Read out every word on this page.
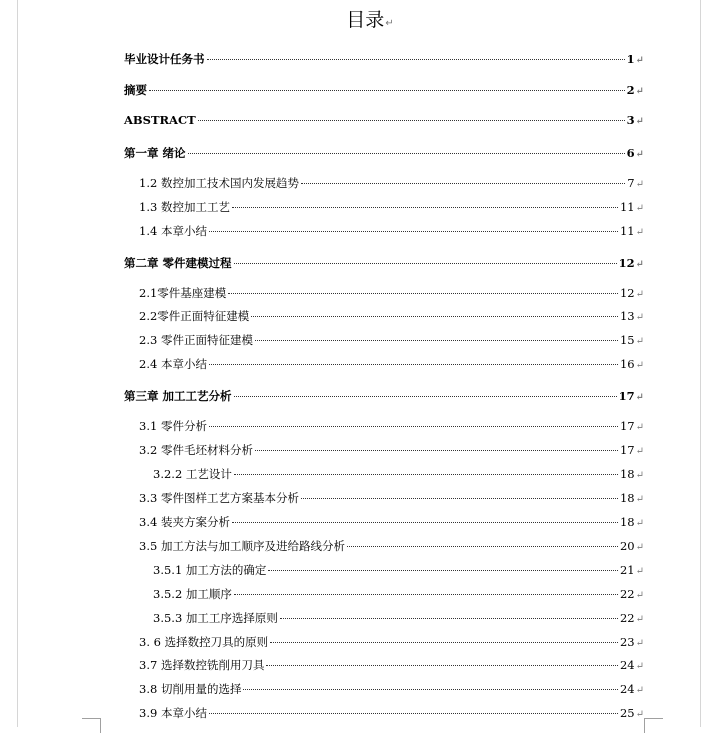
目录↵
毕业设计任务书	1 ↵
摘要	2 ↵
ABSTRACT	3 ↵
第一章 绪论	6 ↵
1.2 数控加工技术国内发展趋势	7 ↵
1.3 数控加工工艺	11 ↵
1.4 本章小结	11 ↵
第二章 零件建模过程	12 ↵
2.1零件基座建模	12 ↵
2.2零件正面特征建模	13 ↵
2.3 零件正面特征建模	15 ↵
2.4 本章小结	16 ↵
第三章 加工工艺分析	17 ↵
3.1 零件分析	17 ↵
3.2 零件毛坯材料分析	17 ↵
3.2.2 工艺设计	18 ↵
3.3 零件图样工艺方案基本分析	18 ↵
3.4 装夹方案分析	18 ↵
3.5 加工方法与加工顺序及进给路线分析	20 ↵
3.5.1 加工方法的确定	21 ↵
3.5.2 加工顺序	22 ↵
3.5.3 加工工序选择原则	22 ↵
3. 6 选择数控刀具的原则	23 ↵
3.7 选择数控铣削用刀具	24 ↵
3.8 切削用量的选择	24 ↵
3.9 本章小结	25 ↵
